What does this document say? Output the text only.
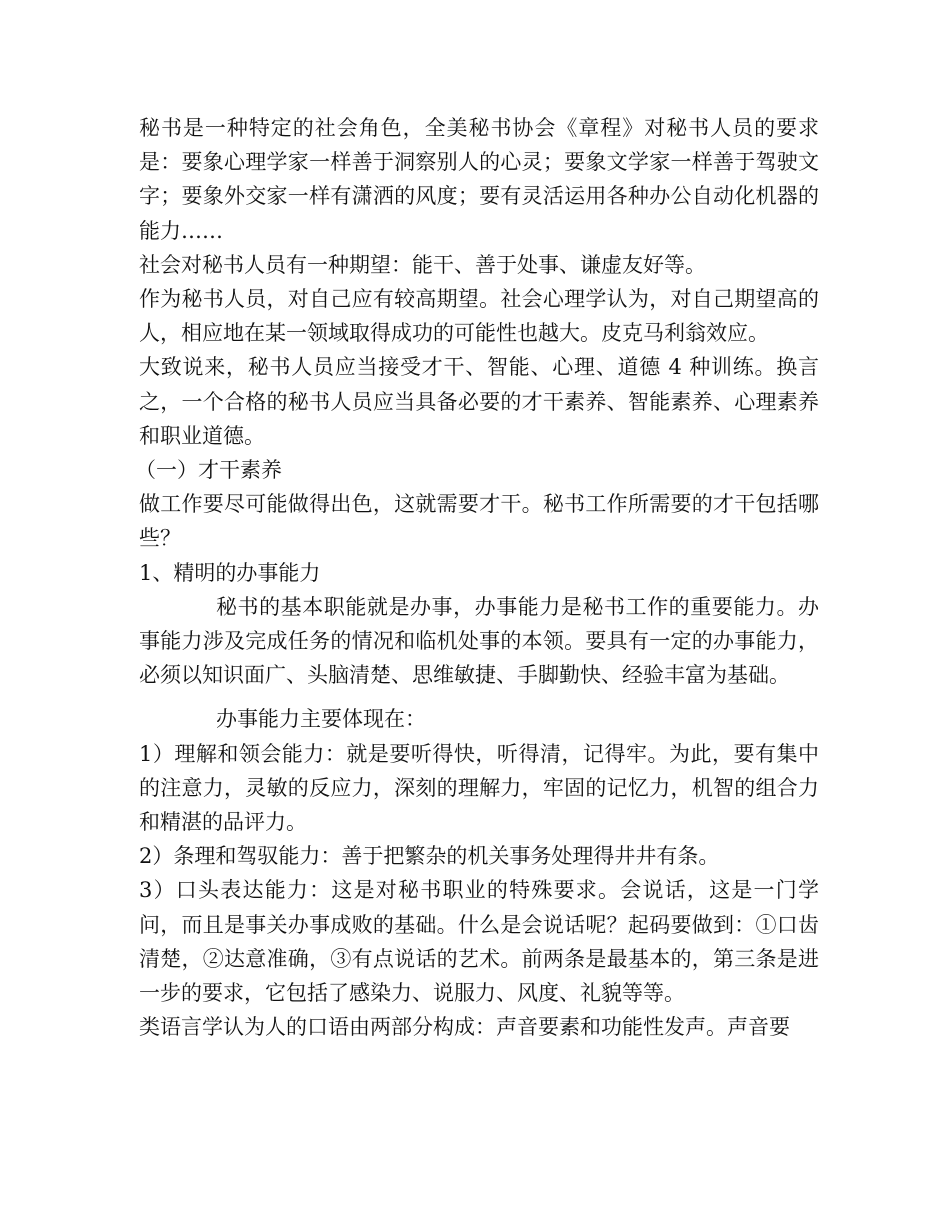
秘书是一种特定的社会角色，全美秘书协会《章程》对秘书人员的要求是：要象心理学家一样善于洞察别人的心灵；要象文学家一样善于驾驶文字；要象外交家一样有潇洒的风度；要有灵活运用各种办公自动化机器的能力……

社会对秘书人员有一种期望：能干、善于处事、谦虚友好等。

作为秘书人员，对自己应有较高期望。社会心理学认为，对自己期望高的人，相应地在某一领域取得成功的可能性也越大。皮克马利翁效应。

大致说来，秘书人员应当接受才干、智能、心理、道德 4 种训练。换言之，一个合格的秘书人员应当具备必要的才干素养、智能素养、心理素养和职业道德。

（一）才干素养

做工作要尽可能做得出色，这就需要才干。秘书工作所需要的才干包括哪些？

1、精明的办事能力

秘书的基本职能就是办事，办事能力是秘书工作的重要能力。办事能力涉及完成任务的情况和临机处事的本领。要具有一定的办事能力，必须以知识面广、头脑清楚、思维敏捷、手脚勤快、经验丰富为基础。

办事能力主要体现在：

1）理解和领会能力：就是要听得快，听得清，记得牢。为此，要有集中的注意力，灵敏的反应力，深刻的理解力，牢固的记忆力，机智的组合力和精湛的品评力。

2）条理和驾驭能力：善于把繁杂的机关事务处理得井井有条。

3）口头表达能力：这是对秘书职业的特殊要求。会说话，这是一门学问，而且是事关办事成败的基础。什么是会说话呢？起码要做到：①口齿清楚，②达意准确，③有点说话的艺术。前两条是最基本的，第三条是进一步的要求，它包括了感染力、说服力、风度、礼貌等等。

类语言学认为人的口语由两部分构成：声音要素和功能性发声。声音要
